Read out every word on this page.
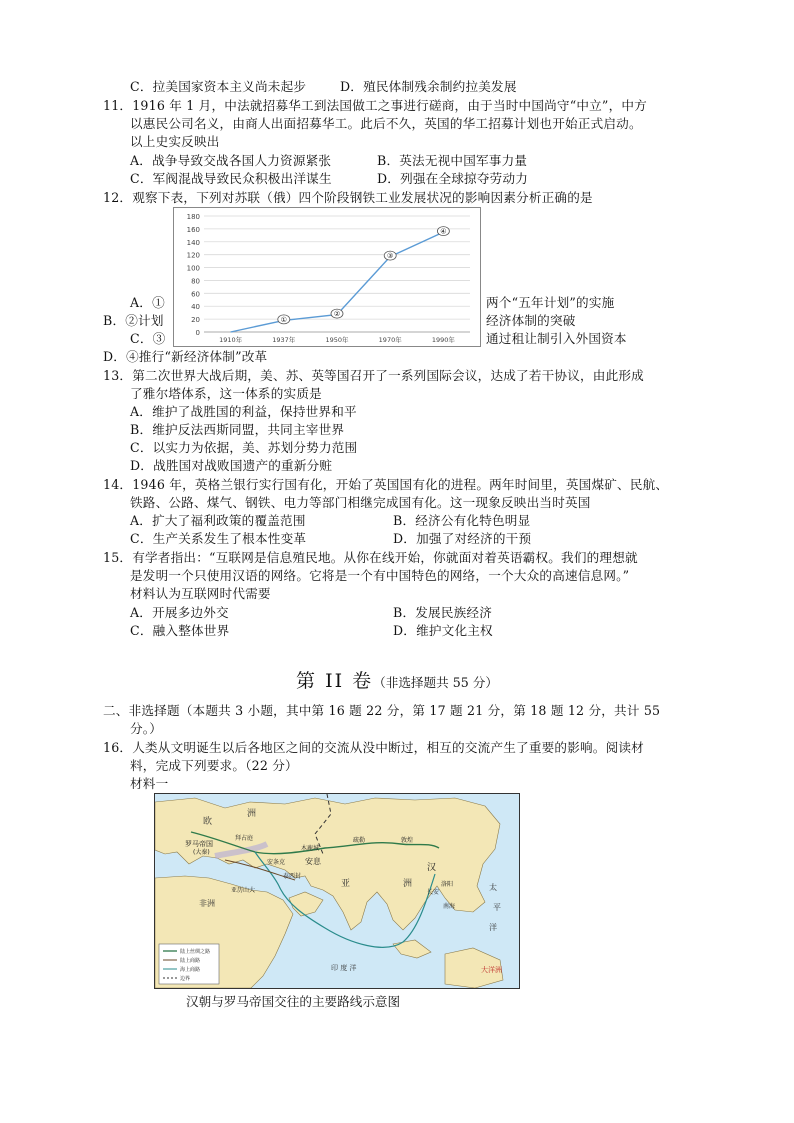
C．拉美国家资本主义尚未起步	D．殖民体制残余制约拉美发展
11．1916 年 1 月，中法就招募华工到法国做工之事进行磋商，由于当时中国尚守“中立”，中方
以惠民公司名义，由商人出面招募华工。此后不久，英国的华工招募计划也开始正式启动。
以上史实反映出
A．战争导致交战各国人力资源紧张	B．英法无视中国军事力量
C．军阀混战导致民众积极出洋谋生	D．列强在全球掠夺劳动力
12．观察下表，下列对苏联（俄）四个阶段钢铁工业发展状况的影响因素分析正确的是
0
20
40
60
80
100
120
140
160
180
1910年	1937年	1950年	1970年	1990年
①
②
③
④
A．①	两个“五年计划”的实施
B．②计划	经济体制的突破
C．③	通过租让制引入外国资本
D．④推行“新经济体制”改革
13．第二次世界大战后期，美、苏、英等国召开了一系列国际会议，达成了若干协议，由此形成
了雅尔塔体系，这一体系的实质是
A．维护了战胜国的利益，保持世界和平
B．维护反法西斯同盟，共同主宰世界
C．以实力为依据，美、苏划分势力范围
D．战胜国对战败国遗产的重新分赃
14．1946 年，英格兰银行实行国有化，开始了英国国有化的进程。两年时间里，英国煤矿、民航、
铁路、公路、煤气、钢铁、电力等部门相继完成国有化。这一现象反映出当时英国
A．扩大了福利政策的覆盖范围	B．经济公有化特色明显
C．生产关系发生了根本性变革	D．加强了对经济的干预
15．有学者指出：“互联网是信息殖民地。从你在线开始，你就面对着英语霸权。我们的理想就
是发明一个只使用汉语的网络。它将是一个有中国特色的网络，一个大众的高速信息网。”
材料认为互联网时代需要
A．开展多边外交	B．发展民族经济
C．融入整体世界	D．维护文化主权
第 II 卷（非选择题共 55 分）
二、非选择题（本题共 3 小题，其中第 16 题 22 分，第 17 题 21 分，第 18 题 12 分，共计 55
分。）
16．人类从文明诞生以后各地区之间的交流从没中断过，相互的交流产生了重要的影响。阅读材
料，完成下列要求。（22 分）
材料一
欧
洲
罗马帝国
(大秦)
拜占庭
安息
安条克
木鹿城
疏勒	敦煌
汉
洛阳
长安
南海
亚	洲
泰西封
亚历山大
非洲
太
平
洋
印 度 洋	大洋洲
陆上丝绸之路
陆上商路
海上商路
边界
汉朝与罗马帝国交往的主要路线示意图
